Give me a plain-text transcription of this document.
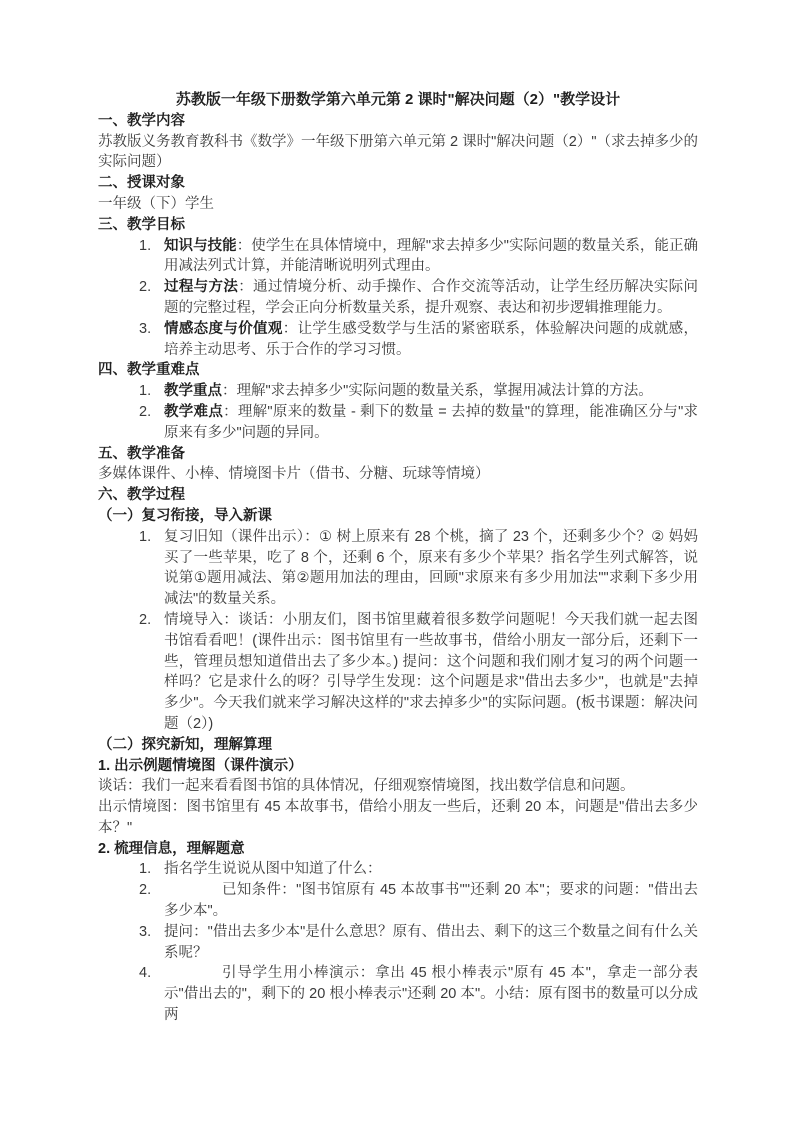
苏教版一年级下册数学第六单元第 2 课时"解决问题（2）"教学设计
一、教学内容

苏教版义务教育教科书《数学》一年级下册第六单元第 2 课时"解决问题（2）"（求去掉多少的实际问题）

二、授课对象

一年级（下）学生

三、教学目标
1. 知识与技能：使学生在具体情境中，理解"求去掉多少"实际问题的数量关系，能正确用减法列式计算，并能清晰说明列式理由。
2. 过程与方法：通过情境分析、动手操作、合作交流等活动，让学生经历解决实际问题的完整过程，学会正向分析数量关系，提升观察、表达和初步逻辑推理能力。
3. 情感态度与价值观：让学生感受数学与生活的紧密联系，体验解决问题的成就感，培养主动思考、乐于合作的学习习惯。
四、教学重难点
1. 教学重点：理解"求去掉多少"实际问题的数量关系，掌握用减法计算的方法。
2. 教学难点：理解"原来的数量 - 剩下的数量 = 去掉的数量"的算理，能准确区分与"求原来有多少"问题的异同。
五、教学准备

多媒体课件、小棒、情境图卡片（借书、分糖、玩球等情境）

六、教学过程
（一）复习衔接，导入新课
1. 复习旧知（课件出示）：① 树上原来有 28 个桃，摘了 23 个，还剩多少个？② 妈妈买了一些苹果，吃了 8 个，还剩 6 个，原来有多少个苹果？指名学生列式解答，说说第①题用减法、第②题用加法的理由，回顾"求原来有多少用加法""求剩下多少用减法"的数量关系。
2. 情境导入：谈话：小朋友们，图书馆里藏着很多数学问题呢！今天我们就一起去图书馆看看吧！(课件出示：图书馆里有一些故事书，借给小朋友一部分后，还剩下一些，管理员想知道借出去了多少本。) 提问：这个问题和我们刚才复习的两个问题一样吗？它是求什么的呀？引导学生发现：这个问题是求"借出去多少"，也就是"去掉多少"。今天我们就来学习解决这样的"求去掉多少"的实际问题。(板书课题：解决问题（2）)
（二）探究新知，理解算理
1. 出示例题情境图（课件演示）

谈话：我们一起来看看图书馆的具体情况，仔细观察情境图，找出数学信息和问题。

出示情境图：图书馆里有 45 本故事书，借给小朋友一些后，还剩 20 本，问题是"借出去多少本？"

2. 梳理信息，理解题意
1. 指名学生说说从图中知道了什么：
2.	已知条件："图书馆原有 45 本故事书""还剩 20 本"；要求的问题："借出去多少本"。
3. 提问："借出去多少本"是什么意思？原有、借出去、剩下的这三个数量之间有什么关系呢？
4.	引导学生用小棒演示：拿出 45 根小棒表示"原有 45 本"，拿走一部分表示"借出去的"，剩下的 20 根小棒表示"还剩 20 本"。小结：原有图书的数量可以分成两
